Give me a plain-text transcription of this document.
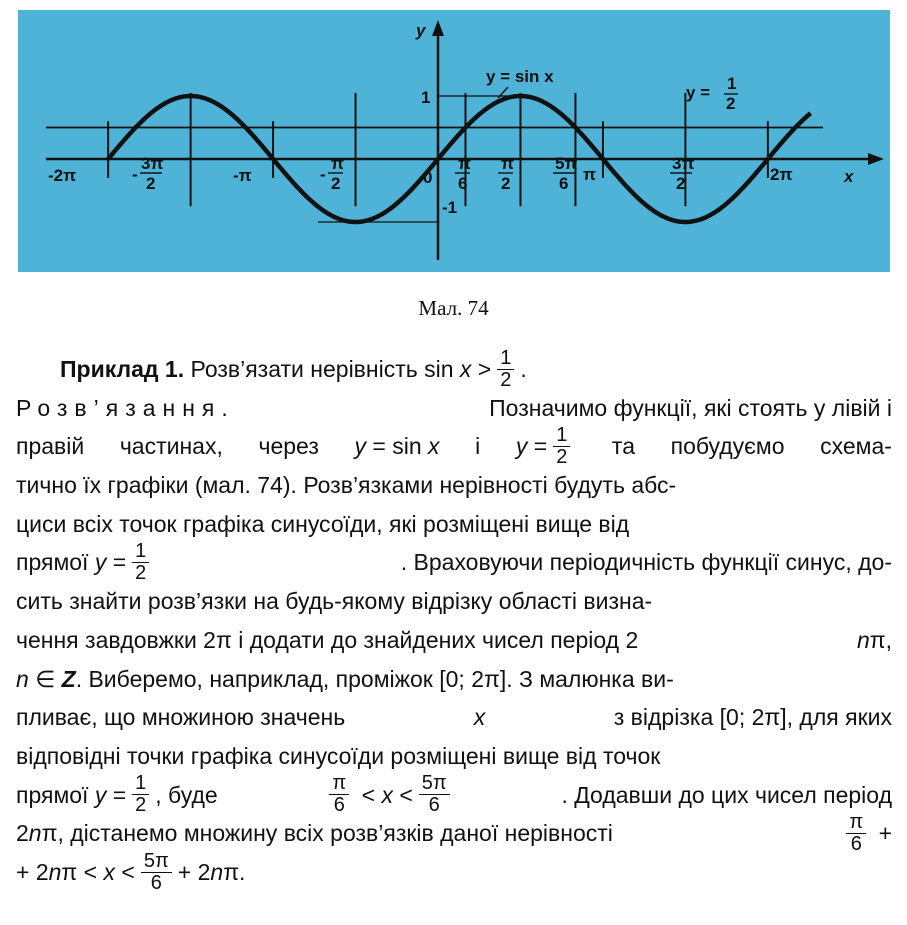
y
x
y = sin x
y = 1
2
1
-1
0
-2π	-
3π
2	-π	-
π
2
π
6
π
2
5π
6 π
3π
2	2π
Мал. 74
Приклад 1.
Розв’язати нерівність sin
x
> $\frac{1}{2}$ .
Розв’язання.	Позначимо функції, які стоять у лівій і
правій частинах, через y
= sin
x і y
= $\frac{1}{2}$ та побудуємо схема-
тично їх графіки (мал. 74). Розв’язками нерівності будуть абс-
циси всіх точок графіка синусоїди, які розміщені вище від
прямої
y
= $\frac{1}{2}$	. Враховуючи періодичність функції синус, до-
сить знайти розв’язки на будь-якому відрізку області визна-
чення завдовжки 2π і додати до знайдених чисел період 2	n π,
n
∈
Z . Виберемо, наприклад, проміжок [0; 2π]. З малюнка ви-
пливає, що множиною значень	x	з відрізка [0; 2π], для яких
відповідні точки графіка синусоїди розміщені вище від точок
прямої
y
= $\frac{1}{2}$ , буде	$\frac{\pi}{6}$
<
x
< $\frac{5\pi}{6}$	. Додавши до цих чисел період
2 n π, дістанемо множину всіх розв’язків даної нерівності	$\frac{\pi}{6}$
+
+ 2 n π <
x
< $\frac{5\pi}{6} + 2$ n π.
